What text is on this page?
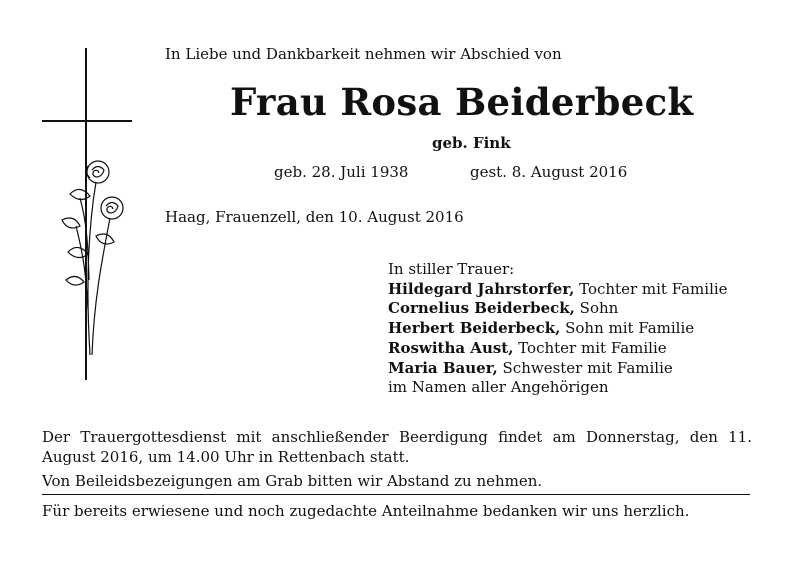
In Liebe und Dankbarkeit nehmen wir Abschied von
Frau Rosa Beiderbeck
geb. Fink
geb. 28. Juli 1938	gest. 8. August 2016
Haag, Frauenzell, den 10. August 2016
In stiller Trauer:
Hildegard Jahrstorfer, Tochter mit Familie
Cornelius Beiderbeck, Sohn
Herbert Beiderbeck, Sohn mit Familie
Roswitha Aust, Tochter mit Familie
Maria Bauer, Schwester mit Familie
im Namen aller Angehörigen
Der Trauergottesdienst mit anschließender Beerdigung findet am Donnerstag, den 11. August 2016, um 14.00 Uhr in Rettenbach statt.
Von Beileidsbezeigungen am Grab bitten wir Abstand zu nehmen.
Für bereits erwiesene und noch zugedachte Anteilnahme bedanken wir uns herzlich.
